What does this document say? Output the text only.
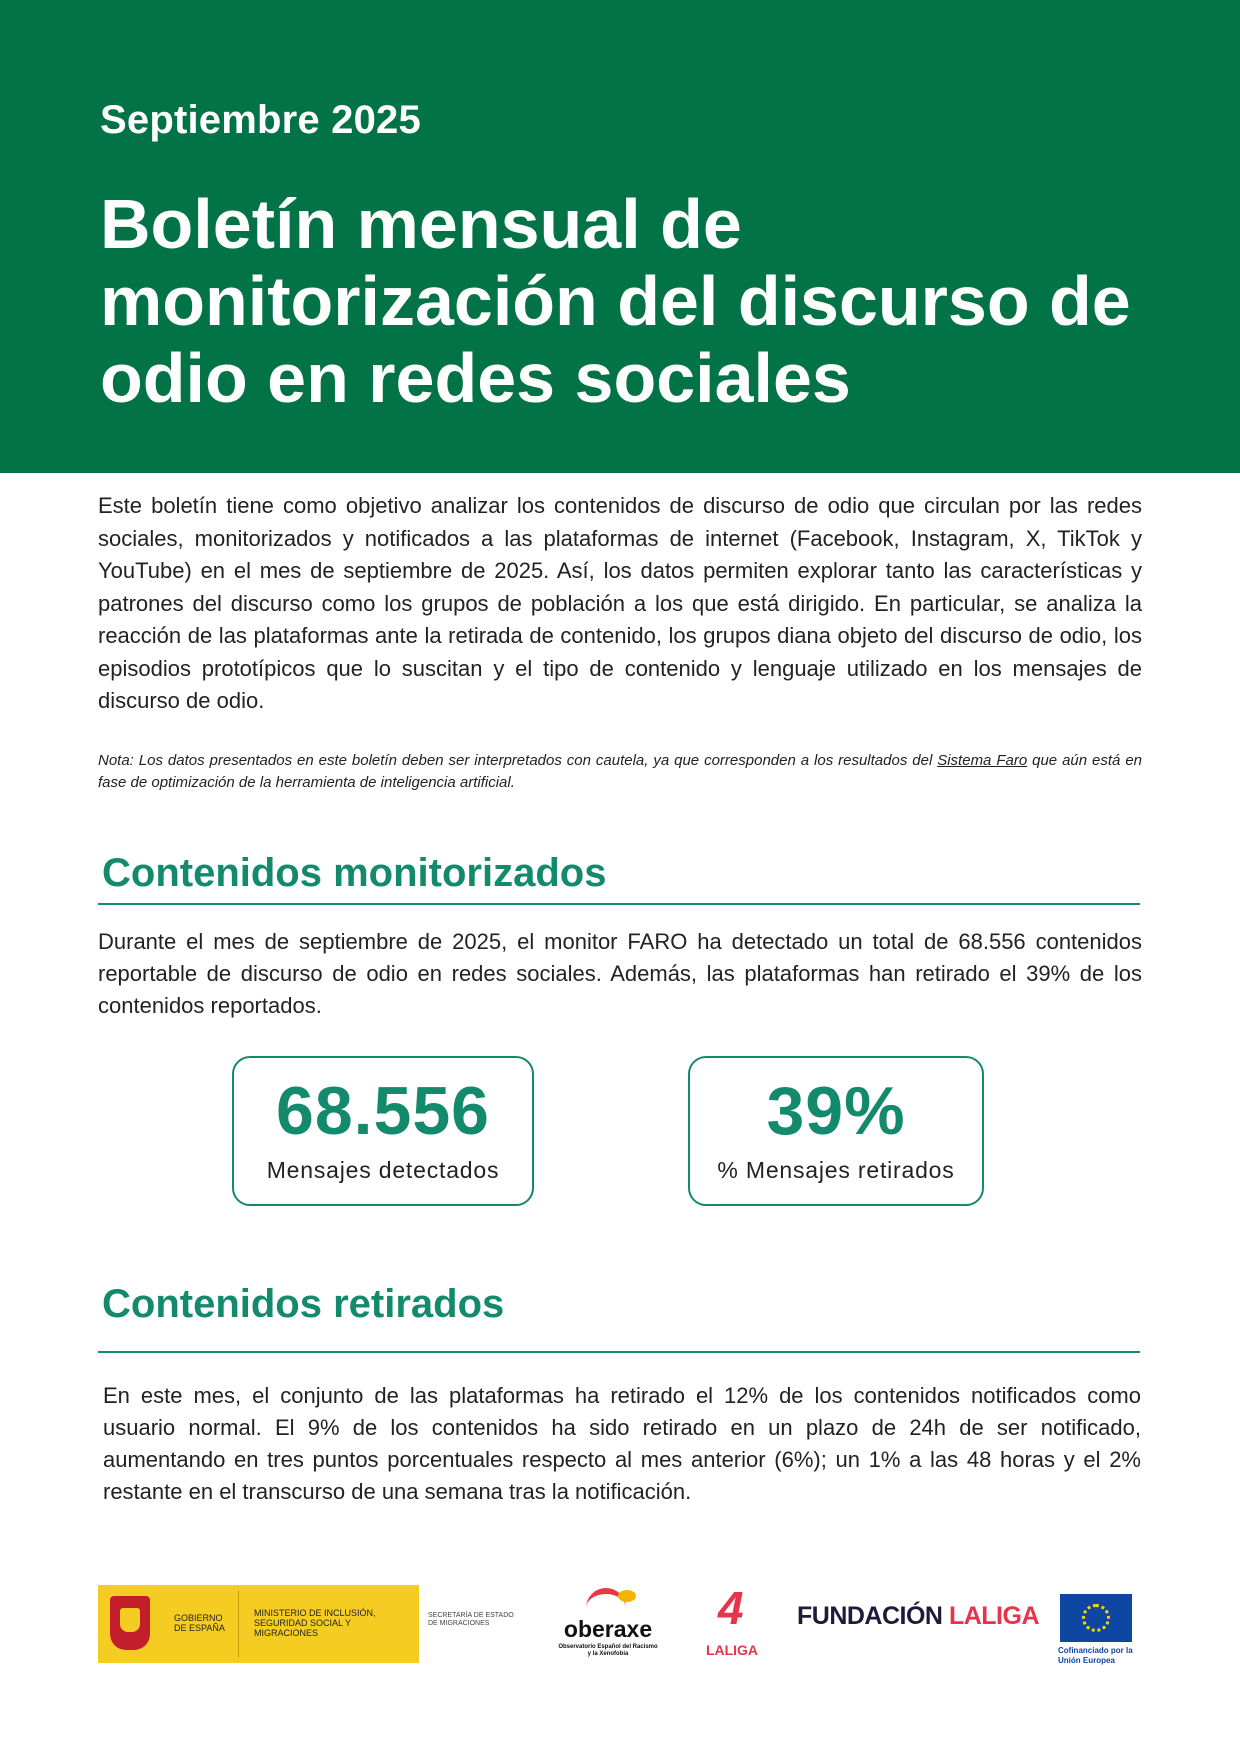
Septiembre 2025
Boletín mensual de monitorización del discurso de odio en redes sociales

Este boletín tiene como objetivo analizar los contenidos de discurso de odio que circulan por las redes sociales, monitorizados y notificados a las plataformas de internet (Facebook, Instagram, X, TikTok y YouTube) en el mes de septiembre de 2025. Así, los datos permiten explorar tanto las características y patrones del discurso como los grupos de población a los que está dirigido. En particular, se analiza la reacción de las plataformas ante la retirada de contenido, los grupos diana objeto del discurso de odio, los episodios prototípicos que lo suscitan y el tipo de contenido y lenguaje utilizado en los mensajes de discurso de odio.

Nota: Los datos presentados en este boletín deben ser interpretados con cautela, ya que corresponden a los resultados del Sistema Faro que aún está en fase de optimización de la herramienta de inteligencia artificial.

Contenidos monitorizados

Durante el mes de septiembre de 2025, el monitor FARO ha detectado un total de 68.556 contenidos reportable de discurso de odio en redes sociales. Además, las plataformas han retirado el 39% de los contenidos reportados.

68.556
Mensajes detectados
39%
% Mensajes retirados
Contenidos retirados

En este mes, el conjunto de las plataformas ha retirado el 12% de los contenidos notificados como usuario normal. El 9% de los contenidos ha sido retirado en un plazo de 24h de ser notificado, aumentando en tres puntos porcentuales respecto al mes anterior (6%); un 1% a las 48 horas y el 2% restante en el transcurso de una semana tras la notificación.

GOBIERNO DE ESPAÑA
MINISTERIO DE INCLUSIÓN, SEGURIDAD SOCIAL Y MIGRACIONES
SECRETARÍA DE ESTADO DE MIGRACIONES	oberaxe
Observatorio Español del Racismo y la Xenofobia
4
LALIGA
FUNDACIÓN LALIGA
Cofinanciado por la Unión Europea
